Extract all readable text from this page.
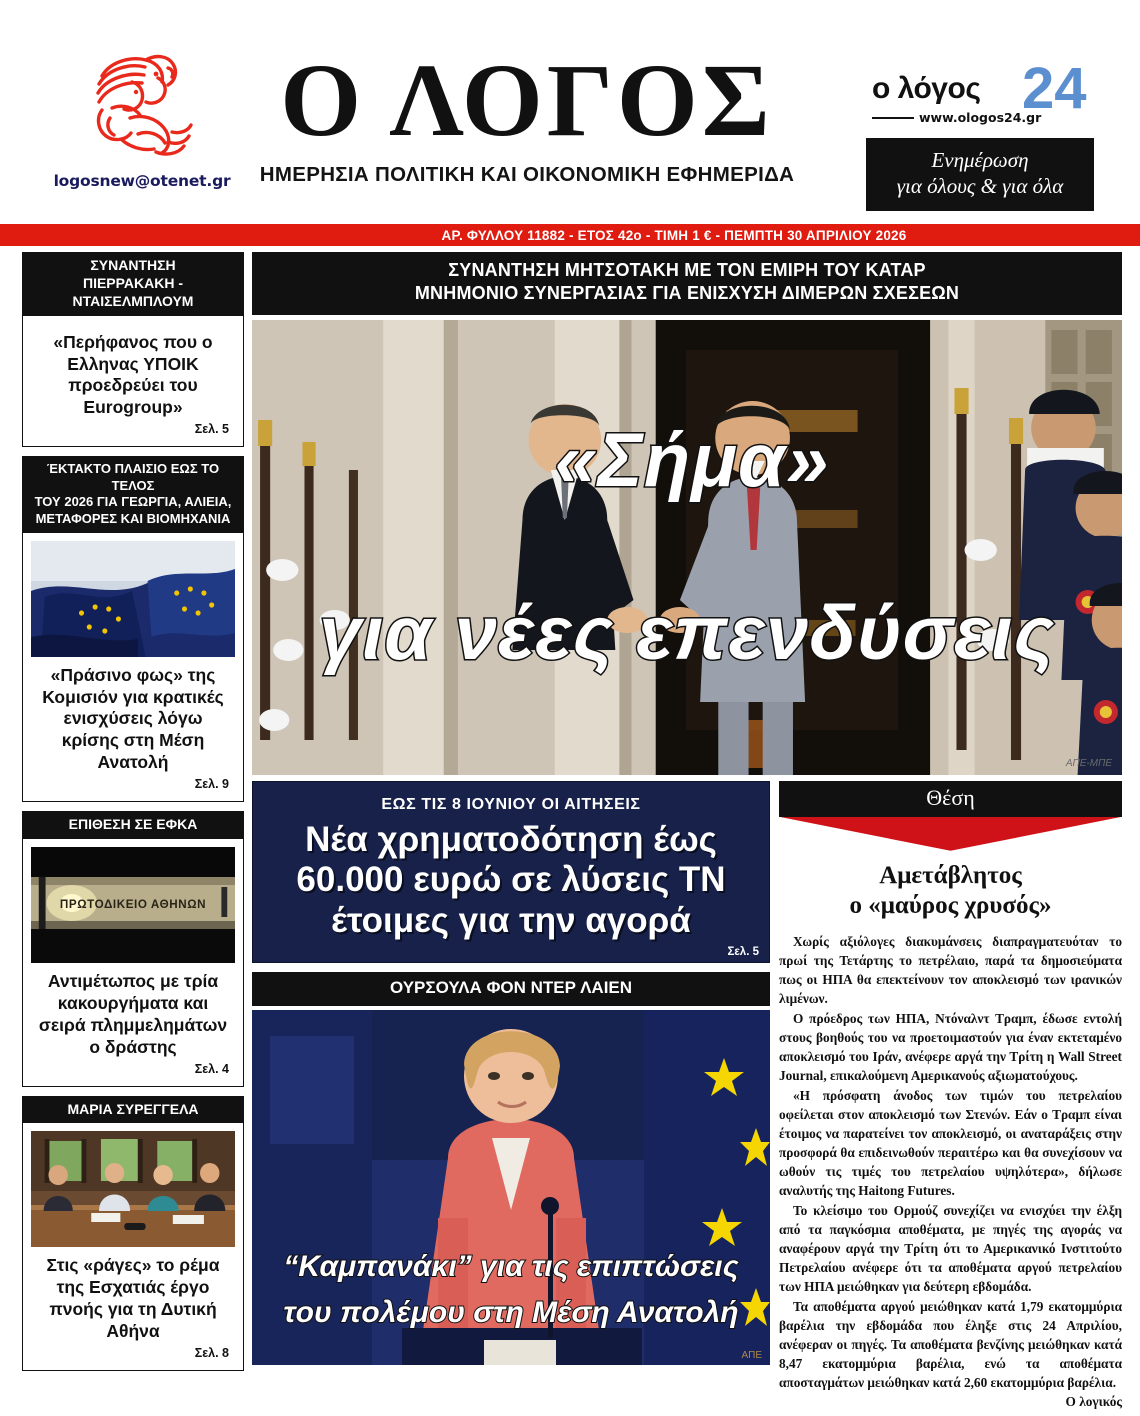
logosnew@otenet.gr
Ο ΛΟΓΟΣ
ΗΜΕΡΗΣΙΑ ΠΟΛΙΤΙΚΗ ΚΑΙ ΟΙΚΟΝΟΜΙΚΗ ΕΦΗΜΕΡΙΔΑ
24
ο λόγος
www.ologos24.gr
Ενημέρωση
για όλους & για όλα
ΑΡ. ΦΥΛΛΟΥ 11882 - ΕΤΟΣ 42ο - ΤΙΜΗ 1 € - ΠΕΜΠΤΗ 30 ΑΠΡΙΛΙΟΥ 2026
ΣΥΝΑΝΤΗΣΗ
ΠΙΕΡΡΑΚΑΚΗ - ΝΤΑΙΣΕΛΜΠΛΟΥΜ
«Περήφανος που ο Ελληνας ΥΠΟΙΚ προεδρεύει του Eurogroup»
Σελ. 5
ΈΚΤΑΚΤΟ ΠΛΑΙΣΙΟ ΕΩΣ ΤΟ ΤΕΛΟΣ
ΤΟΥ 2026 ΓΙΑ ΓΕΩΡΓΙΑ, ΑΛΙΕΙΑ,
ΜΕΤΑΦΟΡΕΣ ΚΑΙ ΒΙΟΜΗΧΑΝΙΑ
«Πράσινο φως» της Κομισιόν για κρατικές ενισχύσεις λόγω κρίσης στη Μέση Ανατολή
Σελ. 9
ΕΠΙΘΕΣΗ ΣΕ ΕΦΚΑ
ΠΡΩΤΟΔΙΚΕΙΟ ΑΘΗΝΩΝ
Αντιμέτωπος με τρία κακουργήματα και σειρά πλημμελημάτων ο δράστης
Σελ. 4
ΜΑΡΙΑ ΣΥΡΕΓΓΕΛΑ
Στις «ράγες» το ρέμα της Εσχατιάς έργο πνοής για τη Δυτική Αθήνα
Σελ. 8
ΣΥΝΑΝΤΗΣΗ ΜΗΤΣΟΤΑΚΗ ΜΕ ΤΟΝ ΕΜΙΡΗ ΤΟΥ ΚΑΤΑΡ
ΜΝΗΜΟΝΙΟ ΣΥΝΕΡΓΑΣΙΑΣ ΓΙΑ ΕΝΙΣΧΥΣΗ ΔΙΜΕΡΩΝ ΣΧΕΣΕΩΝ
«Σήμα»
για νέες επενδύσεις
ΑΠΕ-ΜΠΕ
ΕΩΣ ΤΙΣ 8 ΙΟΥΝΙΟΥ ΟΙ ΑΙΤΗΣΕΙΣ
Νέα χρηματοδότηση έως
60.000 ευρώ σε λύσεις ΤΝ
έτοιμες για την αγορά
Σελ. 5
ΟΥΡΣΟΥΛΑ ΦΟΝ ΝΤΕΡ ΛΑΙΕΝ
“Καμπανάκι” για τις επιπτώσεις
του πολέμου στη Μέση Ανατολή
ΑΠΕ
Θέση
Αμετάβλητος
ο «μαύρος χρυσός»

Χωρίς αξιόλογες διακυμάνσεις διαπραγματευόταν το πρωί της Τετάρτης το πετρέλαιο, παρά τα δημοσιεύματα πως οι ΗΠΑ θα επεκτείνουν τον αποκλεισμό των ιρανικών λιμένων.

Ο πρόεδρος των ΗΠΑ, Ντόναλντ Τραμπ, έδωσε εντολή στους βοηθούς του να προετοιμαστούν για έναν εκτεταμένο αποκλεισμό του Ιράν, ανέφερε αργά την Τρίτη η Wall Street Journal, επικαλούμενη Αμερικανούς αξιωματούχους.

«Η πρόσφατη άνοδος των τιμών του πετρελαίου οφείλεται στον αποκλεισμό των Στενών. Εάν ο Τραμπ είναι έτοιμος να παρατείνει τον αποκλεισμό, οι αναταράξεις στην προσφορά θα επιδεινωθούν περαιτέρω και θα συνεχίσουν να ωθούν τις τιμές του πετρελαίου υψηλότερα», δήλωσε αναλυτής της Haitong Futures.

Το κλείσιμο του Ορμούζ συνεχίζει να ενισχύει την έλξη από τα παγκόσμια αποθέματα, με πηγές της αγοράς να αναφέρουν αργά την Τρίτη ότι το Αμερικανικό Ινστιτούτο Πετρελαίου ανέφερε ότι τα αποθέματα αργού πετρελαίου των ΗΠΑ μειώθηκαν για δεύτερη εβδομάδα.

Τα αποθέματα αργού μειώθηκαν κατά 1,79 εκατομμύρια βαρέλια την εβδομάδα που έληξε στις 24 Απριλίου, ανέφεραν οι πηγές. Τα αποθέματα βενζίνης μειώθηκαν κατά 8,47 εκατομμύρια βαρέλια, ενώ τα αποθέματα αποσταγμάτων μειώθηκαν κατά 2,60 εκατομμύρια βαρέλια.

Ο λογικός
